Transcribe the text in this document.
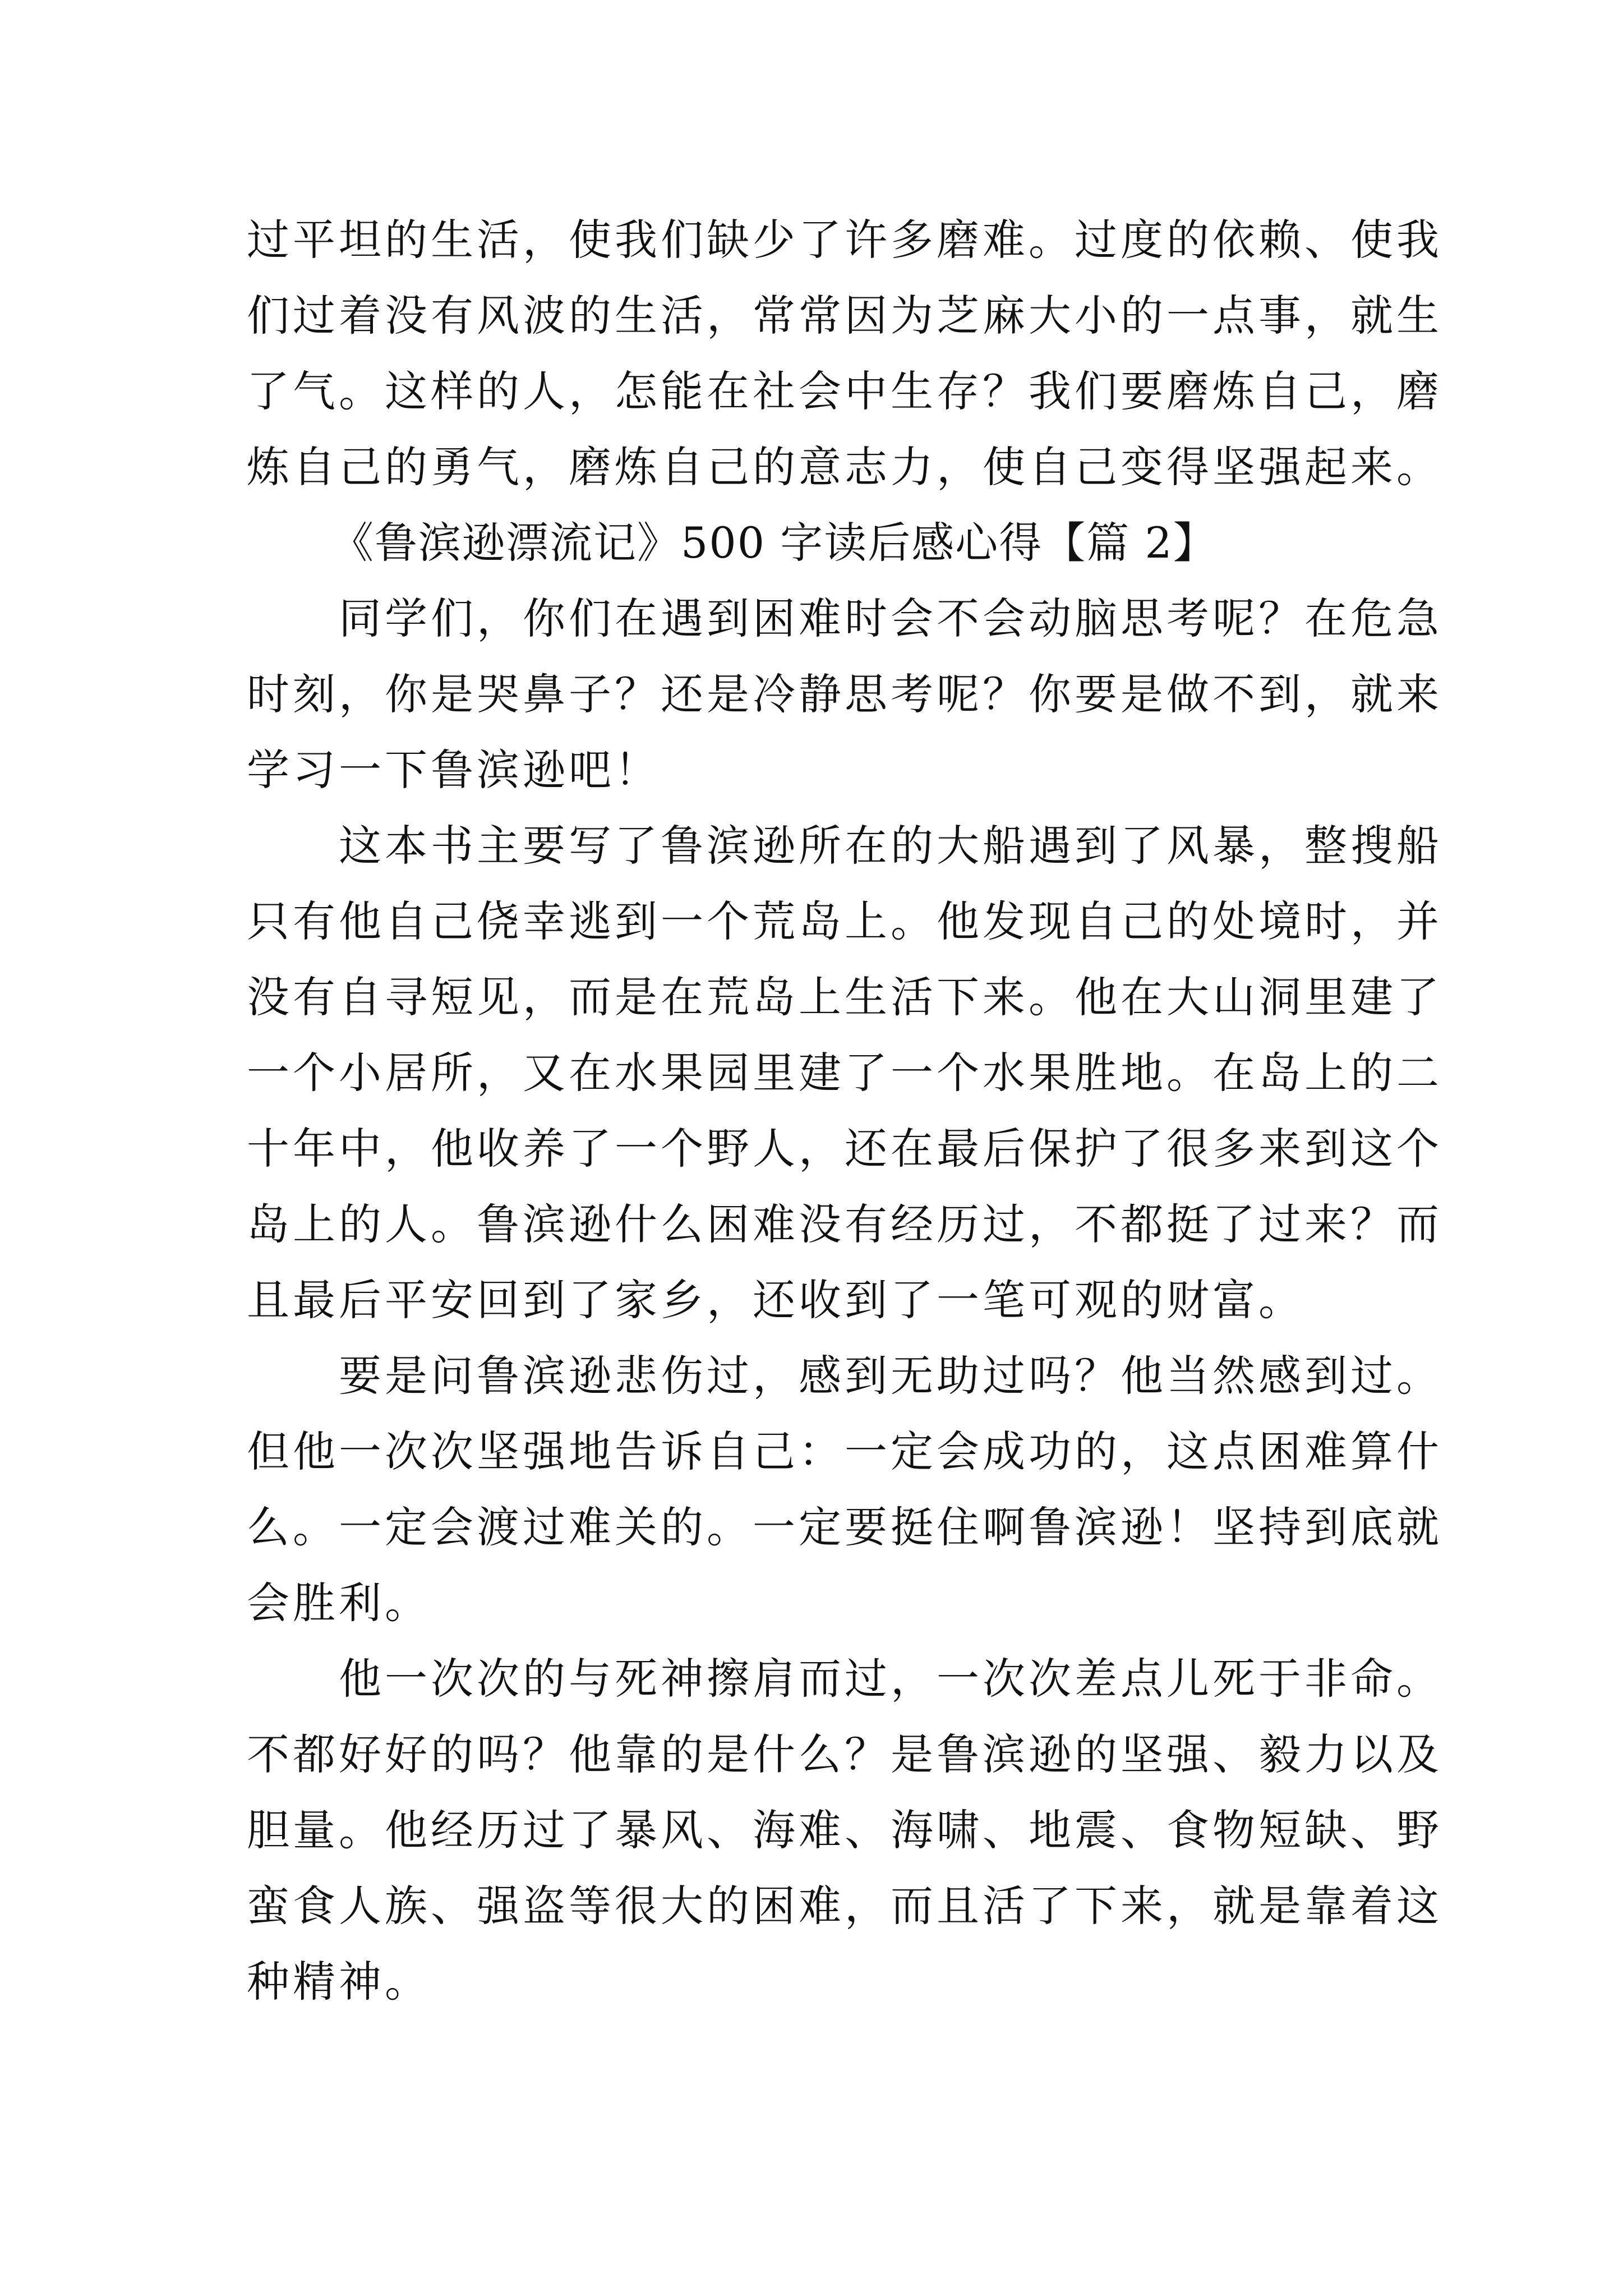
过平坦的生活，使我们缺少了许多磨难。过度的依赖、使我
们过着没有风波的生活，常常因为芝麻大小的一点事，就生
了气。这样的人，怎能在社会中生存？我们要磨炼自己，磨
炼自己的勇气，磨炼自己的意志力，使自己变得坚强起来。
《鲁滨逊漂流记》500 字读后感心得【篇 2】
　　同学们，你们在遇到困难时会不会动脑思考呢？在危急
时刻，你是哭鼻子？还是冷静思考呢？你要是做不到，就来
学习一下鲁滨逊吧！
　　这本书主要写了鲁滨逊所在的大船遇到了风暴，整搜船
只有他自己侥幸逃到一个荒岛上。他发现自己的处境时，并
没有自寻短见，而是在荒岛上生活下来。他在大山洞里建了
一个小居所，又在水果园里建了一个水果胜地。在岛上的二
十年中，他收养了一个野人，还在最后保护了很多来到这个
岛上的人。鲁滨逊什么困难没有经历过，不都挺了过来？而
且最后平安回到了家乡，还收到了一笔可观的财富。
　　要是问鲁滨逊悲伤过，感到无助过吗？他当然感到过。
但他一次次坚强地告诉自己：一定会成功的，这点困难算什
么。一定会渡过难关的。一定要挺住啊鲁滨逊！坚持到底就
会胜利。
　　他一次次的与死神擦肩而过，一次次差点儿死于非命。
不都好好的吗？他靠的是什么？是鲁滨逊的坚强、毅力以及
胆量。他经历过了暴风、海难、海啸、地震、食物短缺、野
蛮食人族、强盗等很大的困难，而且活了下来，就是靠着这
种精神。
